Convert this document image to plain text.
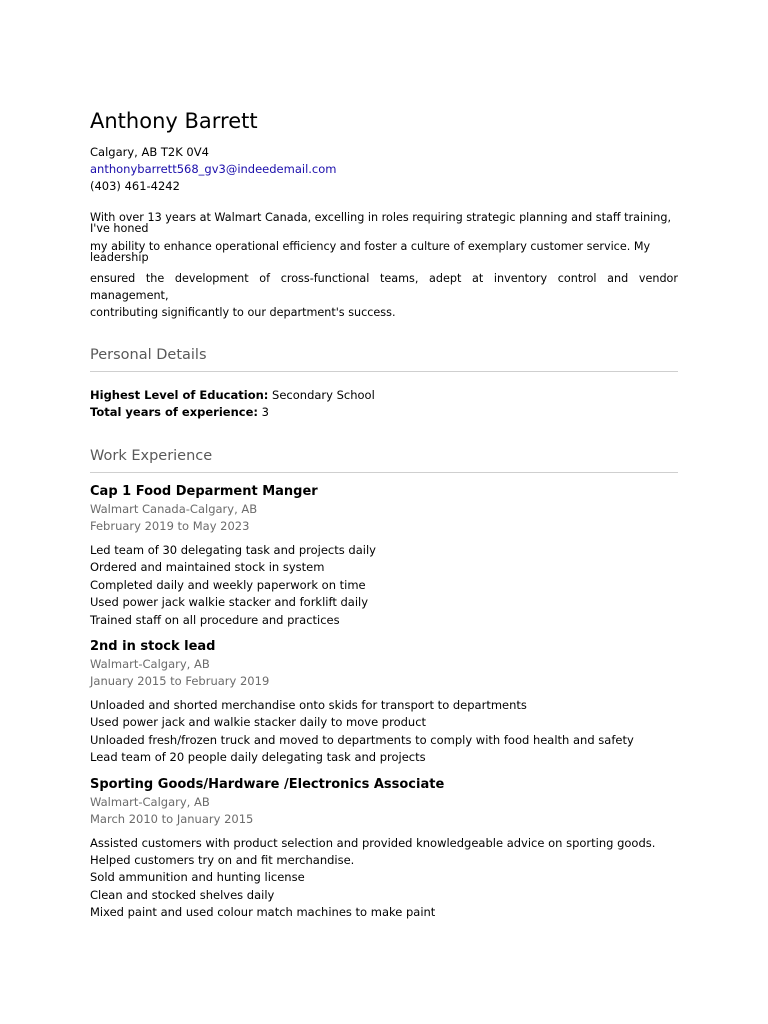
Anthony Barrett
Calgary, AB T2K 0V4
anthonybarrett568_gv3@indeedemail.com
(403) 461-4242
With over 13 years at Walmart Canada, excelling in roles requiring strategic planning and staff training,
I've honed
my ability to enhance operational efficiency and foster a culture of exemplary customer service. My
leadership
ensured the development of cross-functional teams, adept at inventory control and vendor management,
contributing significantly to our department's success.
Personal Details
Highest Level of Education: Secondary School
Total years of experience: 3
Work Experience
Cap 1 Food Deparment Manger
Walmart Canada-Calgary, AB
February 2019 to May 2023
Led team of 30 delegating task and projects daily
Ordered and maintained stock in system
Completed daily and weekly paperwork on time
Used power jack walkie stacker and forklift daily
Trained staff on all procedure and practices
2nd in stock lead
Walmart-Calgary, AB
January 2015 to February 2019
Unloaded and shorted merchandise onto skids for transport to departments
Used power jack and walkie stacker daily to move product
Unloaded fresh/frozen truck and moved to departments to comply with food health and safety
Lead team of 20 people daily delegating task and projects
Sporting Goods/Hardware /Electronics Associate
Walmart-Calgary, AB
March 2010 to January 2015
Assisted customers with product selection and provided knowledgeable advice on sporting goods.
Helped customers try on and fit merchandise.
Sold ammunition and hunting license
Clean and stocked shelves daily
Mixed paint and used colour match machines to make paint
